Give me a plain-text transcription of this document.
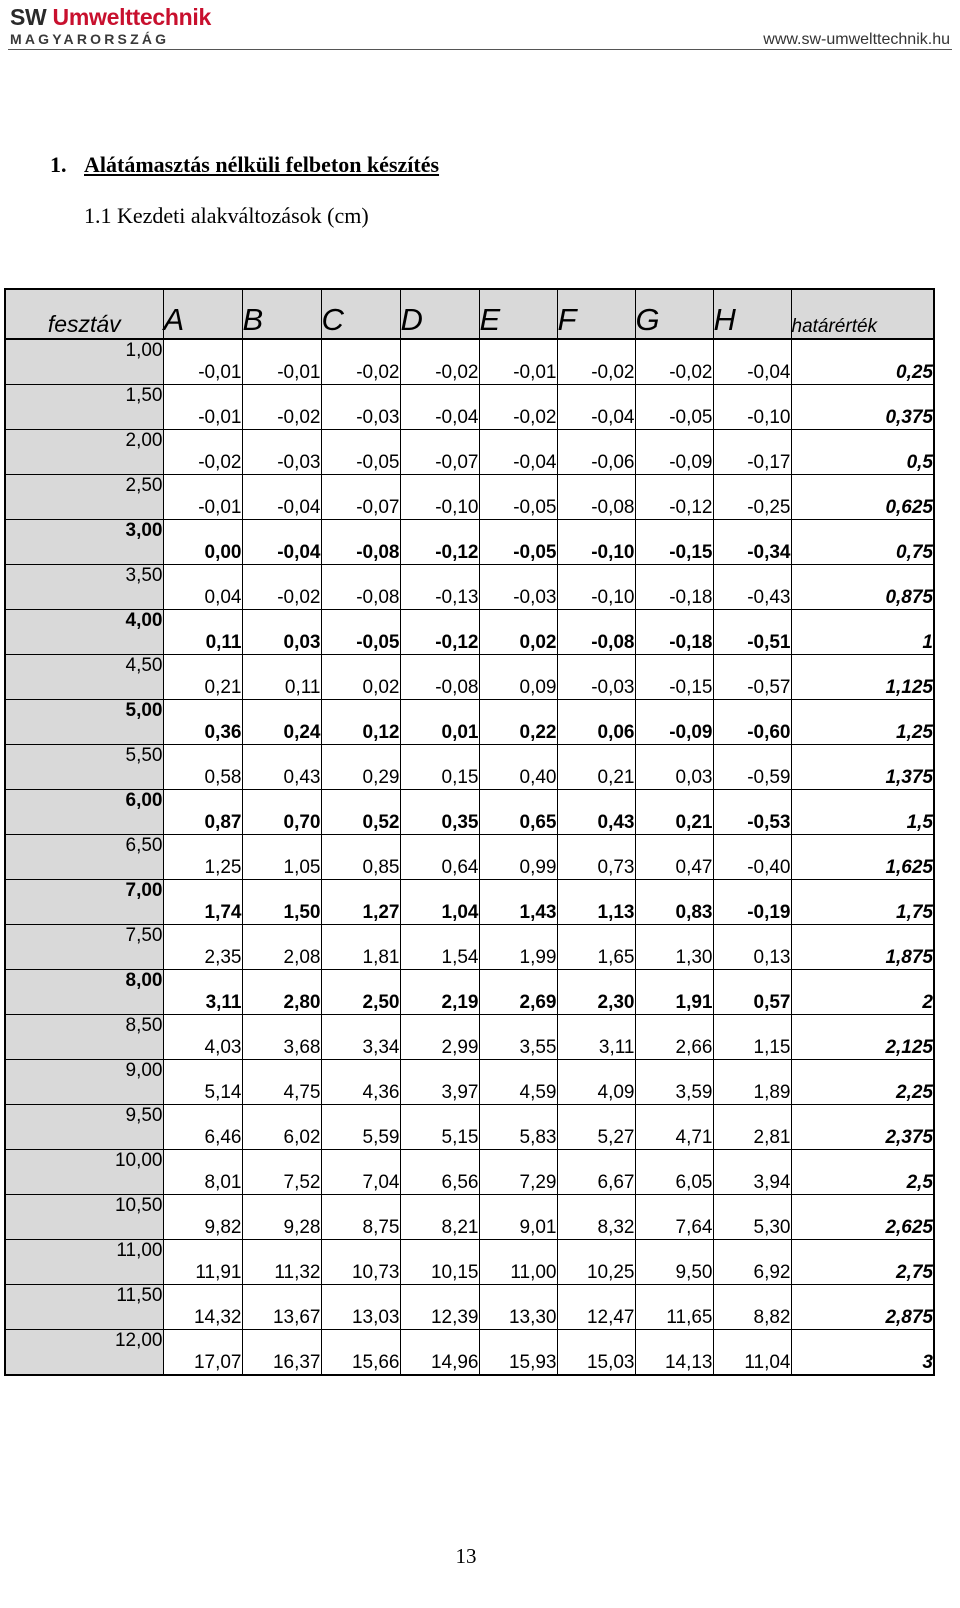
SW Umwelttechnik
MAGYARORSZÁG	www.sw-umwelttechnik.hu
1. Alátámasztás nélküli felbeton készítés
1.1 Kezdeti alakváltozások (cm)
fesztáv	A	B	C	D	E	F	G	H	határérték
1,00	-0,01	-0,01	-0,02	-0,02	-0,01	-0,02	-0,02	-0,04	0,25
1,50	-0,01	-0,02	-0,03	-0,04	-0,02	-0,04	-0,05	-0,10	0,375
2,00	-0,02	-0,03	-0,05	-0,07	-0,04	-0,06	-0,09	-0,17	0,5
2,50	-0,01	-0,04	-0,07	-0,10	-0,05	-0,08	-0,12	-0,25	0,625
3,00	0,00	-0,04	-0,08	-0,12	-0,05	-0,10	-0,15	-0,34	0,75
3,50	0,04	-0,02	-0,08	-0,13	-0,03	-0,10	-0,18	-0,43	0,875
4,00	0,11	0,03	-0,05	-0,12	0,02	-0,08	-0,18	-0,51	1
4,50	0,21	0,11	0,02	-0,08	0,09	-0,03	-0,15	-0,57	1,125
5,00	0,36	0,24	0,12	0,01	0,22	0,06	-0,09	-0,60	1,25
5,50	0,58	0,43	0,29	0,15	0,40	0,21	0,03	-0,59	1,375
6,00	0,87	0,70	0,52	0,35	0,65	0,43	0,21	-0,53	1,5
6,50	1,25	1,05	0,85	0,64	0,99	0,73	0,47	-0,40	1,625
7,00	1,74	1,50	1,27	1,04	1,43	1,13	0,83	-0,19	1,75
7,50	2,35	2,08	1,81	1,54	1,99	1,65	1,30	0,13	1,875
8,00	3,11	2,80	2,50	2,19	2,69	2,30	1,91	0,57	2
8,50	4,03	3,68	3,34	2,99	3,55	3,11	2,66	1,15	2,125
9,00	5,14	4,75	4,36	3,97	4,59	4,09	3,59	1,89	2,25
9,50	6,46	6,02	5,59	5,15	5,83	5,27	4,71	2,81	2,375
10,00	8,01	7,52	7,04	6,56	7,29	6,67	6,05	3,94	2,5
10,50	9,82	9,28	8,75	8,21	9,01	8,32	7,64	5,30	2,625
11,00	11,91	11,32	10,73	10,15	11,00	10,25	9,50	6,92	2,75
11,50	14,32	13,67	13,03	12,39	13,30	12,47	11,65	8,82	2,875
12,00	17,07	16,37	15,66	14,96	15,93	15,03	14,13	11,04	3
13
